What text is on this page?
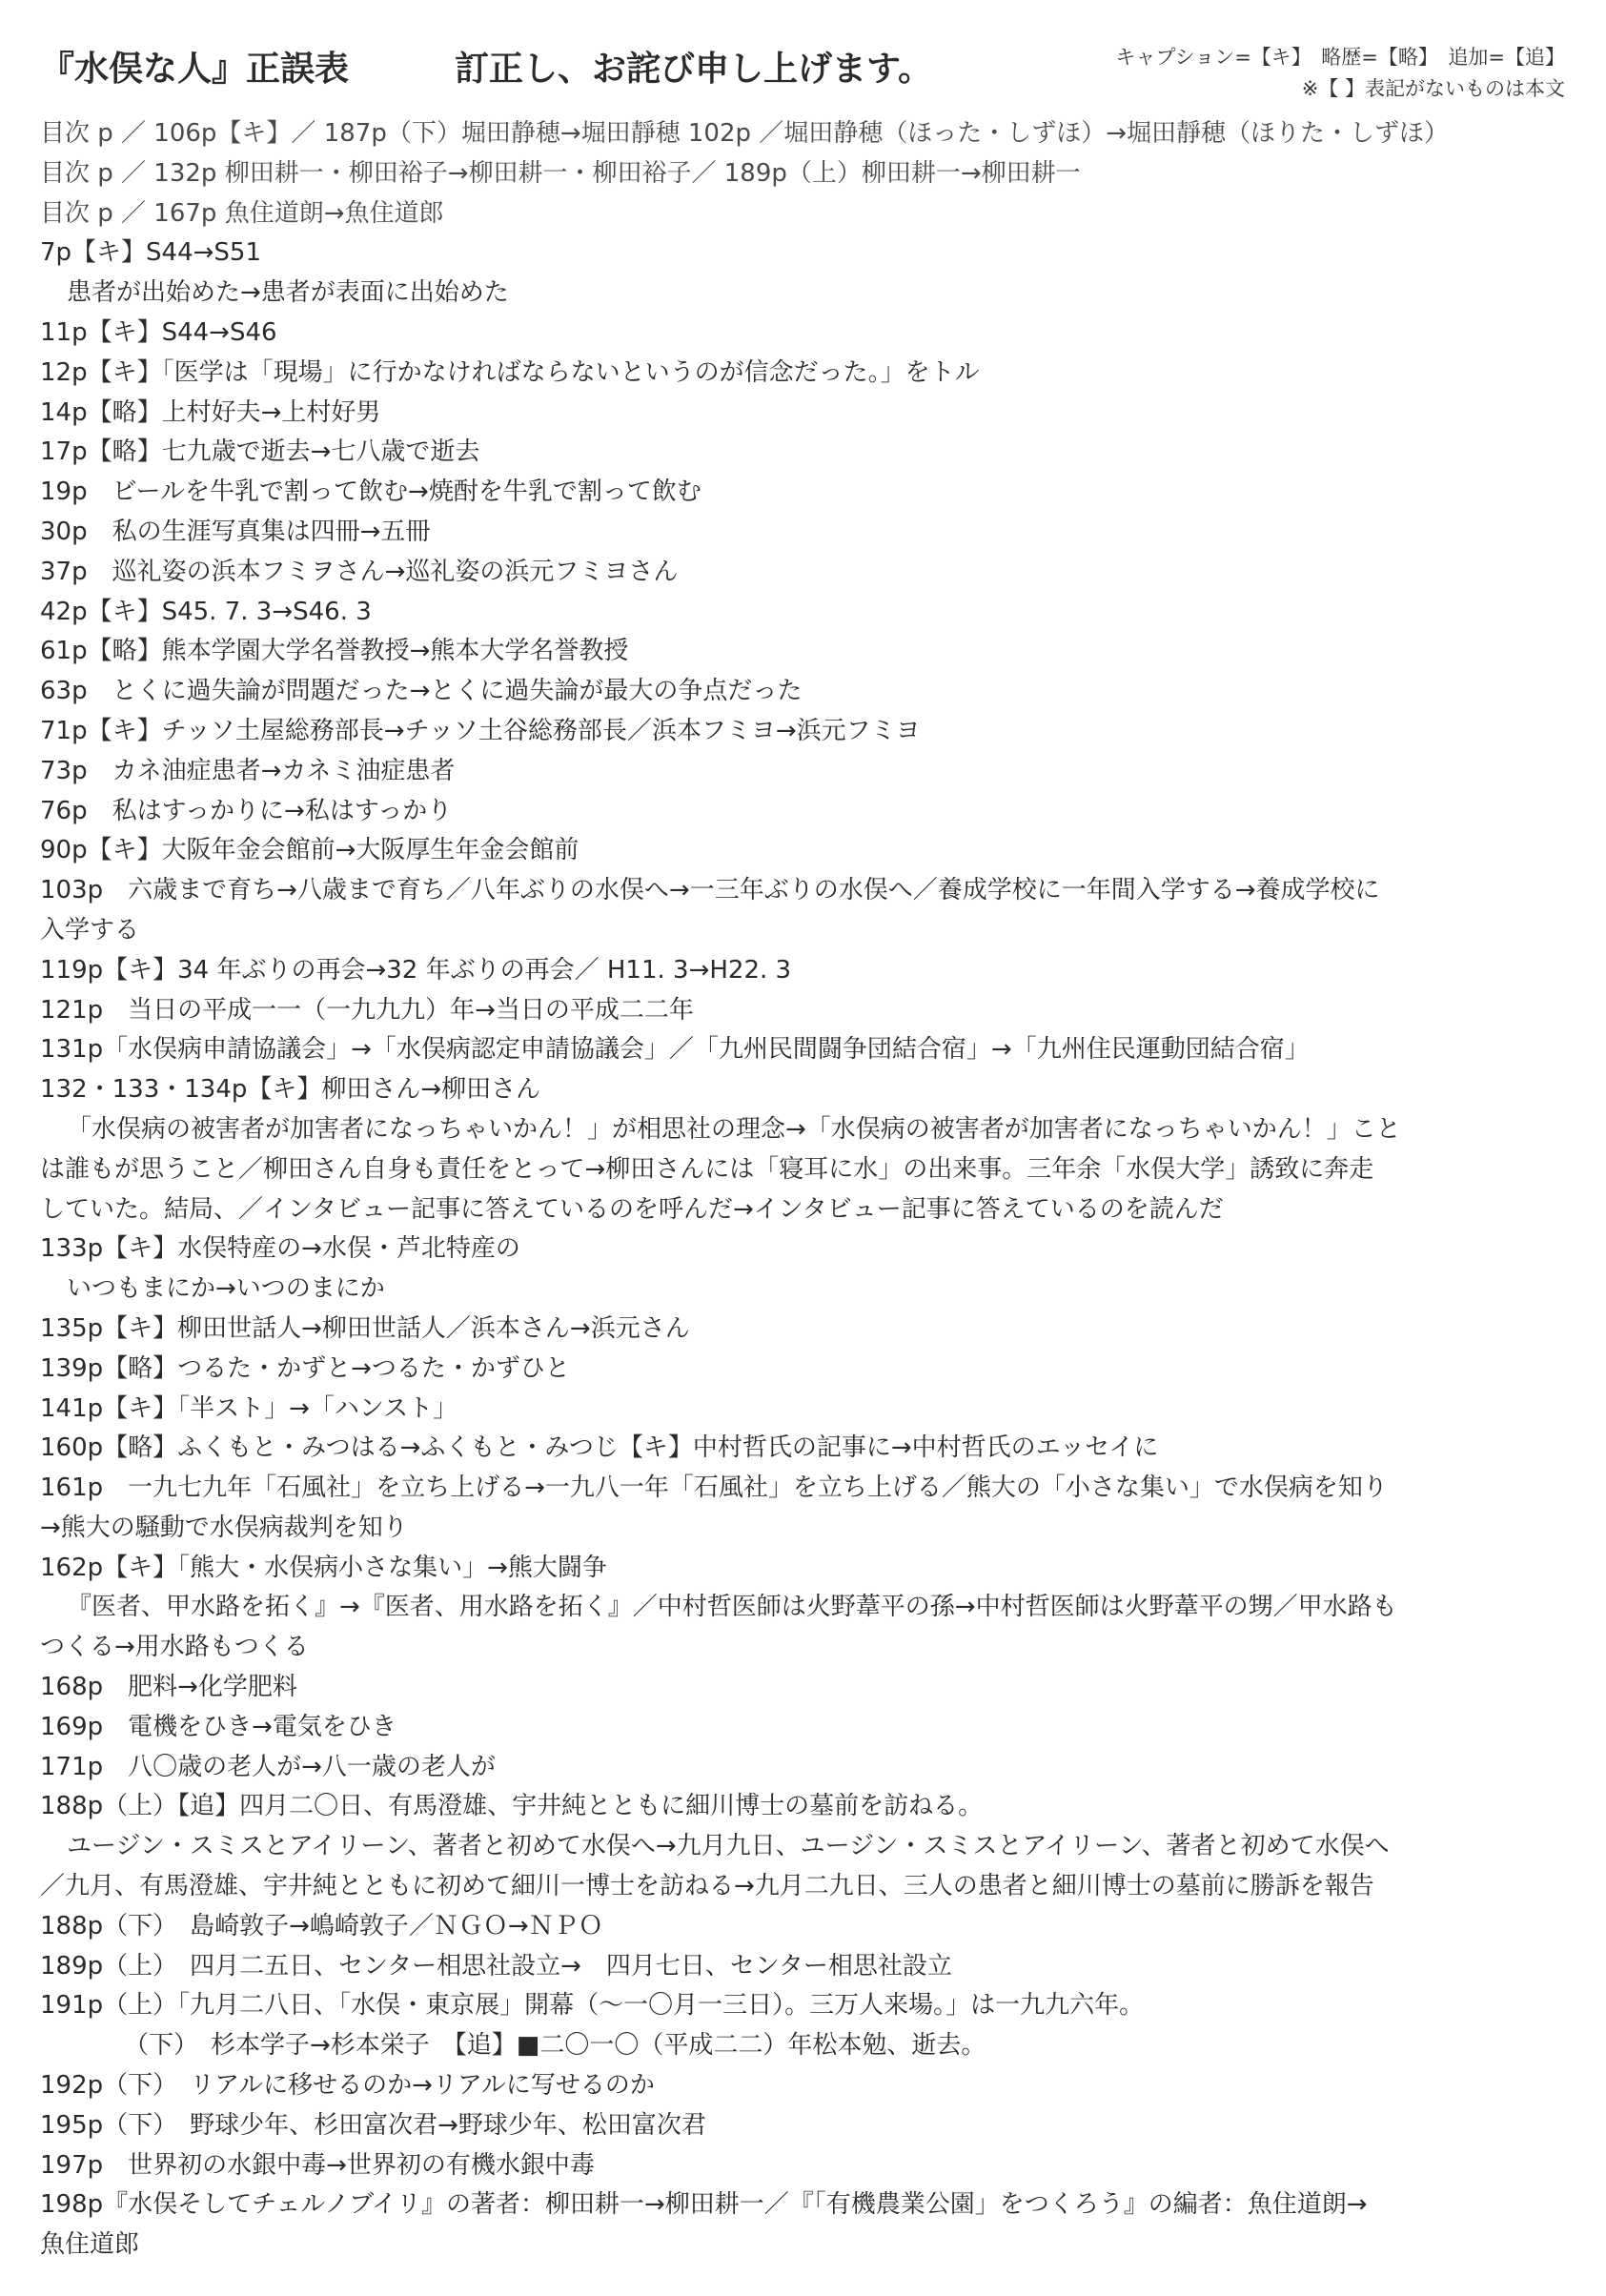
『水俣な人』正誤表	訂正し、お詫び申し上げます。	キャプション=【キ】　略歴=【略】　追加=【追】
※【 】表記がないものは本文
目次 p ／ 106p【キ】／ 187p（下）堀田静穂→堀田靜穂 102p ／堀田静穂（ほった・しずほ）→堀田靜穂（ほりた・しずほ）
目次 p ／ 132p 柳田耕一・柳田裕子→柳田耕一・柳田裕子／ 189p（上）柳田耕一→柳田耕一
目次 p ／ 167p 魚住道朗→魚住道郎
7p【キ】S44→S51
患者が出始めた→患者が表面に出始めた
11p【キ】S44→S46
12p【キ】「医学は「現場」に行かなければならないというのが信念だった。」をトル
14p【略】上村好夫→上村好男
17p【略】七九歳で逝去→七八歳で逝去
19p　ビールを牛乳で割って飲む→焼酎を牛乳で割って飲む
30p　私の生涯写真集は四冊→五冊
37p　巡礼姿の浜本フミヲさん→巡礼姿の浜元フミヨさん
42p【キ】S45. 7. 3→S46. 3
61p【略】熊本学園大学名誉教授→熊本大学名誉教授
63p　とくに過失論が問題だった→とくに過失論が最大の争点だった
71p【キ】チッソ土屋総務部長→チッソ土谷総務部長／浜本フミヨ→浜元フミヨ
73p　カネ油症患者→カネミ油症患者
76p　私はすっかりに→私はすっかり
90p【キ】大阪年金会館前→大阪厚生年金会館前
103p　六歳まで育ち→八歳まで育ち／八年ぶりの水俣へ→一三年ぶりの水俣へ／養成学校に一年間入学する→養成学校に
入学する
119p【キ】34 年ぶりの再会→32 年ぶりの再会／ H11. 3→H22. 3
121p　当日の平成一一（一九九九）年→当日の平成二二年
131p「水俣病申請協議会」→「水俣病認定申請協議会」／「九州民間闘争団結合宿」→「九州住民運動団結合宿」
132・133・134p【キ】柳田さん→柳田さん
「水俣病の被害者が加害者になっちゃいかん！」が相思社の理念→「水俣病の被害者が加害者になっちゃいかん！」こと
は誰もが思うこと／柳田さん自身も責任をとって→柳田さんには「寝耳に水」の出来事。三年余「水俣大学」誘致に奔走
していた。結局、／インタビュー記事に答えているのを呼んだ→インタビュー記事に答えているのを読んだ
133p【キ】水俣特産の→水俣・芦北特産の
いつもまにか→いつのまにか
135p【キ】柳田世話人→柳田世話人／浜本さん→浜元さん
139p【略】つるた・かずと→つるた・かずひと
141p【キ】「半スト」→「ハンスト」
160p【略】ふくもと・みつはる→ふくもと・みつじ【キ】中村哲氏の記事に→中村哲氏のエッセイに
161p　一九七九年「石風社」を立ち上げる→一九八一年「石風社」を立ち上げる／熊大の「小さな集い」で水俣病を知り
→熊大の騒動で水俣病裁判を知り
162p【キ】「熊大・水俣病小さな集い」→熊大闘争
『医者、甲水路を拓く』→『医者、用水路を拓く』／中村哲医師は火野葦平の孫→中村哲医師は火野葦平の甥／甲水路も
つくる→用水路もつくる
168p　肥料→化学肥料
169p　電機をひき→電気をひき
171p　八〇歳の老人が→八一歳の老人が
188p（上）【追】四月二〇日、有馬澄雄、宇井純とともに細川博士の墓前を訪ねる。
ユージン・スミスとアイリーン、著者と初めて水俣へ→九月九日、ユージン・スミスとアイリーン、著者と初めて水俣へ
／九月、有馬澄雄、宇井純とともに初めて細川一博士を訪ねる→九月二九日、三人の患者と細川博士の墓前に勝訴を報告
188p（下）　島崎敦子→嶋崎敦子／ＮＧＯ→ＮＰＯ
189p（上）　四月二五日、センター相思社設立→　四月七日、センター相思社設立
191p（上）「九月二八日、「水俣・東京展」開幕（～一〇月一三日）。三万人来場。」は一九九六年。
（下）　杉本学子→杉本栄子　【追】■二〇一〇（平成二二）年松本勉、逝去。
192p（下）　リアルに移せるのか→リアルに写せるのか
195p（下）　野球少年、杉田富次君→野球少年、松田富次君
197p　世界初の水銀中毒→世界初の有機水銀中毒
198p『水俣そしてチェルノブイリ』の著者：柳田耕一→柳田耕一／『「有機農業公園」をつくろう』の編者：魚住道朗→
魚住道郎
